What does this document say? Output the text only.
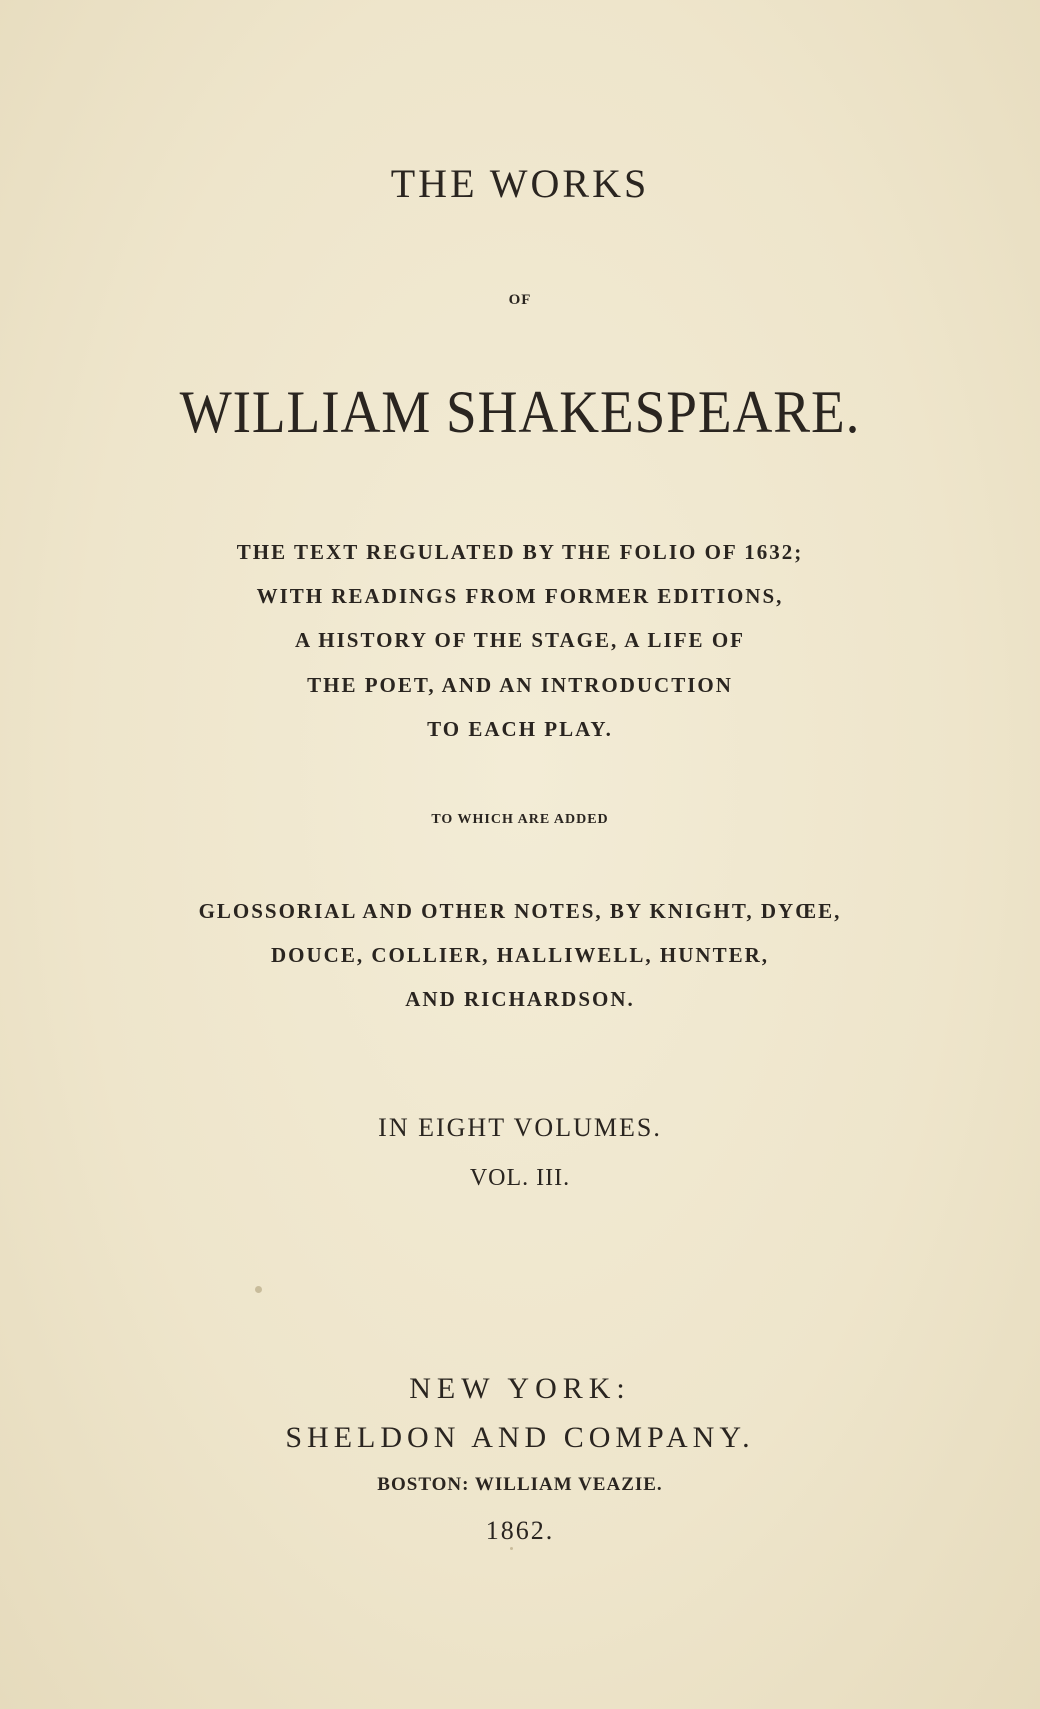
THE WORKS

OF

WILLIAM SHAKESPEARE.

THE TEXT REGULATED BY THE FOLIO OF 1632;

WITH READINGS FROM FORMER EDITIONS,

A HISTORY OF THE STAGE, A LIFE OF

THE POET, AND AN INTRODUCTION

TO EACH PLAY.

TO WHICH ARE ADDED

GLOSSORIAL AND OTHER NOTES, BY KNIGHT, DYŒE,

DOUCE, COLLIER, HALLIWELL, HUNTER,

AND RICHARDSON.

IN EIGHT VOLUMES.

VOL. III.

NEW YORK:

SHELDON AND COMPANY.

BOSTON: WILLIAM VEAZIE.

1862.
